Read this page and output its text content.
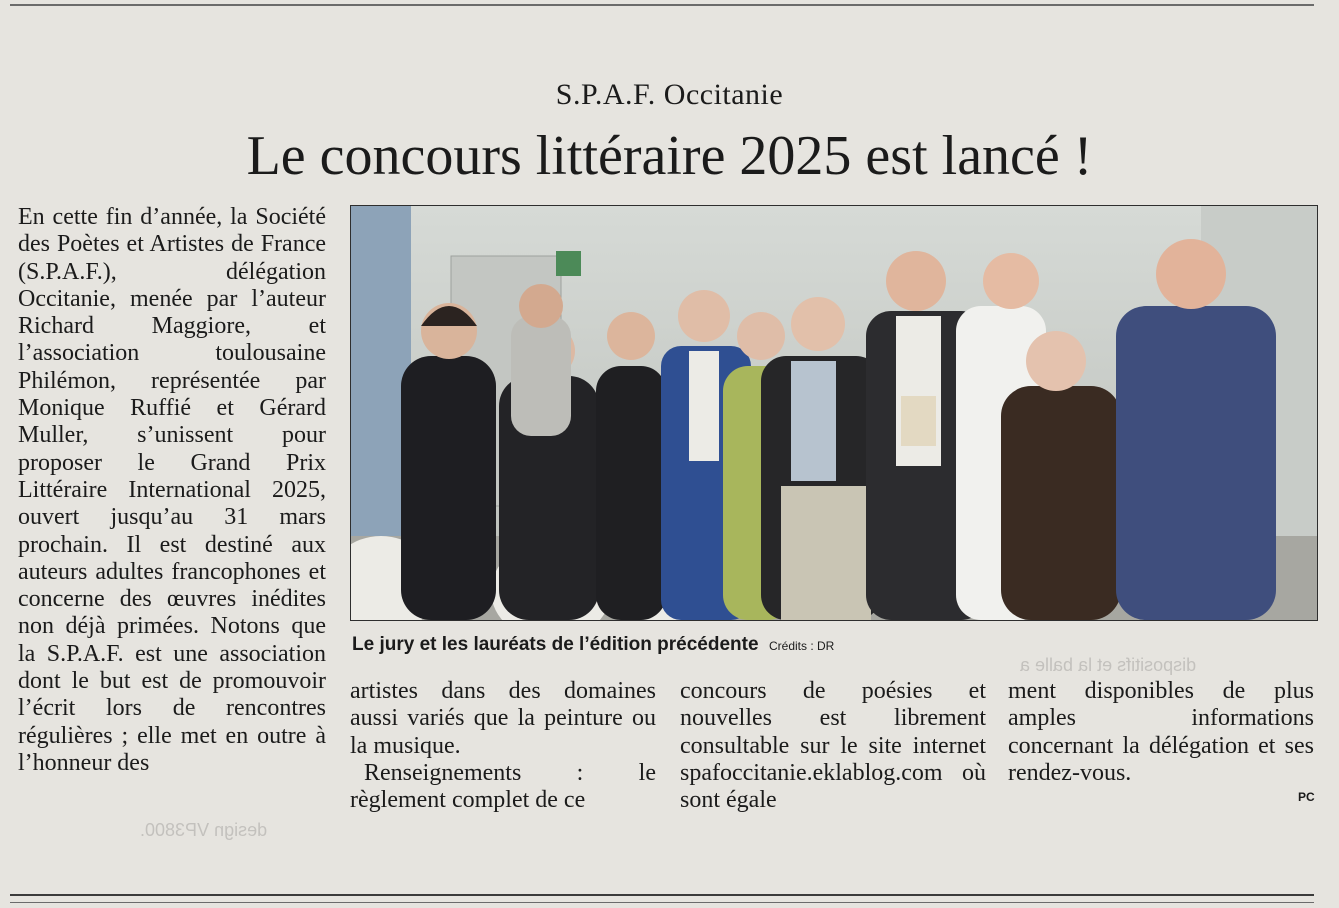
dispositifs et la balle a
design VP3800.
S.P.A.F. Occitanie
Le concours littéraire 2025 est lancé !
En cette fin d’année, la Société des Poètes et Artistes de France (S.P.A.F.), délégation Occitanie, menée par l’auteur Richard Maggiore, et l’association toulousaine Philémon, représentée par Monique Ruffié et Gérard Muller, s’unissent pour proposer le Grand Prix Littéraire International 2025, ouvert jusqu’au 31 mars prochain. Il est destiné aux auteurs adultes francophones et concerne des œuvres inédites non déjà primées. Notons que la S.P.A.F. est une association dont le but est de promouvoir l’écrit lors de rencontres régulières ; elle met en outre à l’honneur des
Le jury et les lauréats de l’édition précédente Crédits : DR

artistes dans des domaines aussi variés que la peinture ou la musique.

Renseignements : le règlement complet de ce

concours de poésies et nouvelles est librement consultable sur le site internet spafoccitanie.eklablog.com où sont égale
ment disponibles de plus amples informations concernant la délégation et ses rendez-vous.
PC
